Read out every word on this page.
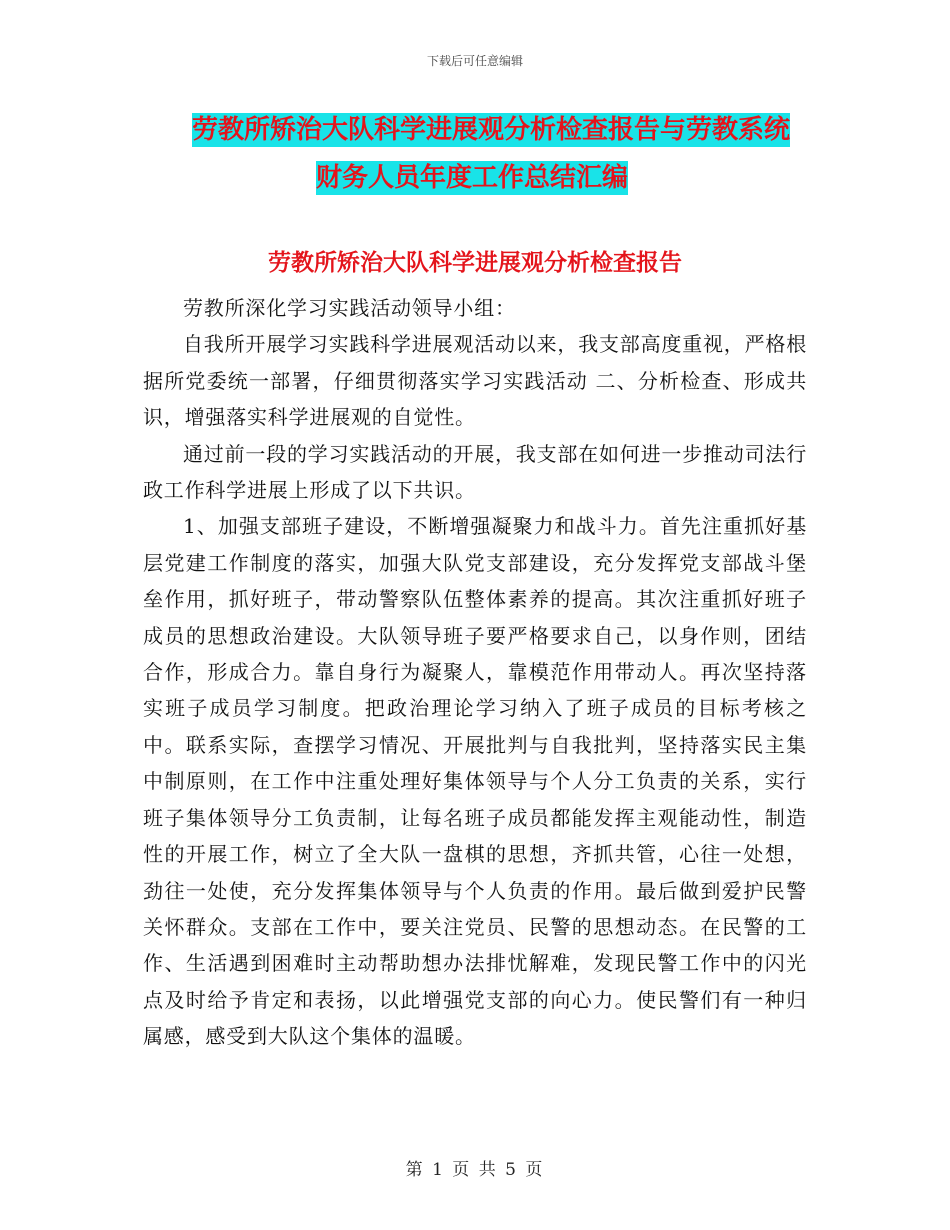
下载后可任意编辑
劳教所矫治大队科学进展观分析检查报告与劳教系统
财务人员年度工作总结汇编
劳教所矫治大队科学进展观分析检查报告

劳教所深化学习实践活动领导小组：

自我所开展学习实践科学进展观活动以来，我支部高度重视，严格根据所党委统一部署，仔细贯彻落实学习实践活动 二、分析检查、形成共识，增强落实科学进展观的自觉性。

通过前一段的学习实践活动的开展，我支部在如何进一步推动司法行政工作科学进展上形成了以下共识。

1、加强支部班子建设，不断增强凝聚力和战斗力。首先注重抓好基层党建工作制度的落实，加强大队党支部建设，充分发挥党支部战斗堡垒作用，抓好班子，带动警察队伍整体素养的提高。其次注重抓好班子成员的思想政治建设。大队领导班子要严格要求自己，以身作则，团结合作，形成合力。靠自身行为凝聚人，靠模范作用带动人。再次坚持落实班子成员学习制度。把政治理论学习纳入了班子成员的目标考核之中。联系实际，查摆学习情况、开展批判与自我批判，坚持落实民主集中制原则，在工作中注重处理好集体领导与个人分工负责的关系，实行班子集体领导分工负责制，让每名班子成员都能发挥主观能动性，制造性的开展工作，树立了全大队一盘棋的思想，齐抓共管，心往一处想，劲往一处使，充分发挥集体领导与个人负责的作用。最后做到爱护民警关怀群众。支部在工作中，要关注党员、民警的思想动态。在民警的工作、生活遇到困难时主动帮助想办法排忧解难，发现民警工作中的闪光点及时给予肯定和表扬，以此增强党支部的向心力。使民警们有一种归属感，感受到大队这个集体的温暖。

第 1 页 共 5 页
